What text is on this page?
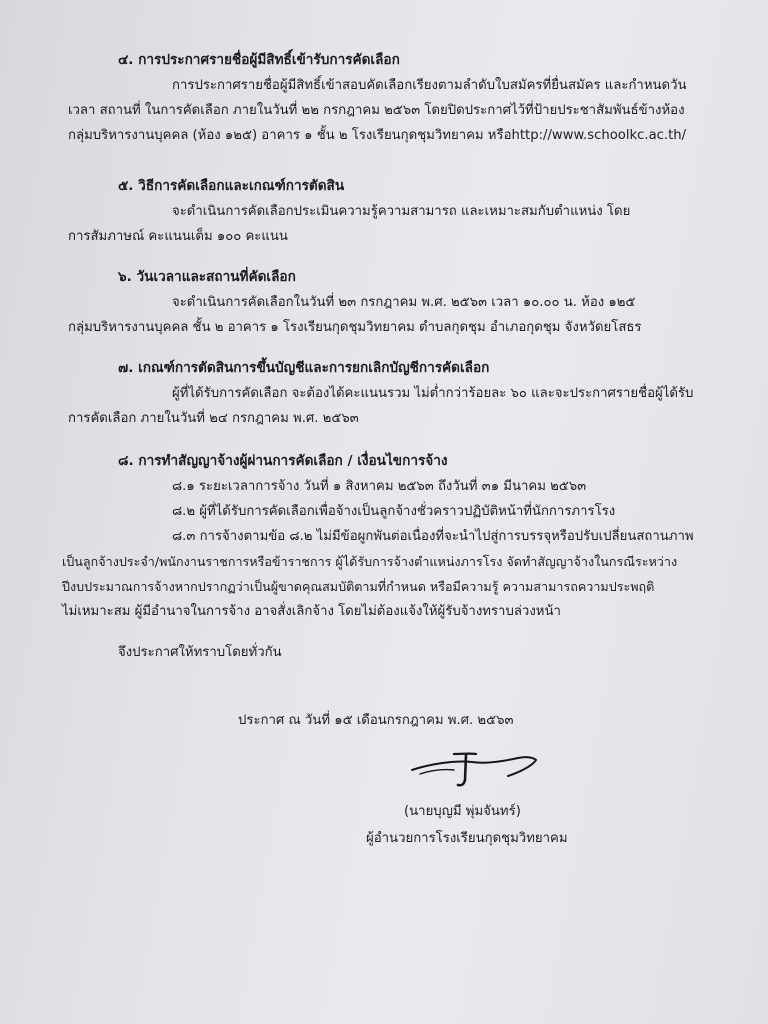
๔. การประกาศรายชื่อผู้มีสิทธิ์เข้ารับการคัดเลือก
การประกาศรายชื่อผู้มีสิทธิ์เข้าสอบคัดเลือกเรียงตามลำดับใบสมัครที่ยื่นสมัคร และกำหนดวัน
เวลา สถานที่ ในการคัดเลือก ภายในวันที่ ๒๒ กรกฎาคม ๒๕๖๓ โดยปิดประกาศไว้ที่ป้ายประชาสัมพันธ์ข้างห้อง
กลุ่มบริหารงานบุคคล (ห้อง ๑๒๕) อาคาร ๑ ชั้น ๒ โรงเรียนกุดชุมวิทยาคม หรือhttp://www.schoolkc.ac.th/
๕. วิธีการคัดเลือกและเกณฑ์การตัดสิน
จะดำเนินการคัดเลือกประเมินความรู้ความสามารถ และเหมาะสมกับตำแหน่ง โดย
การสัมภาษณ์ คะแนนเต็ม ๑๐๐ คะแนน
๖. วันเวลาและสถานที่คัดเลือก
จะดำเนินการคัดเลือกในวันที่ ๒๓ กรกฎาคม พ.ศ. ๒๕๖๓ เวลา ๑๐.๐๐ น. ห้อง ๑๒๕
กลุ่มบริหารงานบุคคล ชั้น ๒ อาคาร ๑ โรงเรียนกุดชุมวิทยาคม ตำบลกุดชุม อำเภอกุดชุม จังหวัดยโสธร
๗. เกณฑ์การตัดสินการขึ้นบัญชีและการยกเลิกบัญชีการคัดเลือก
ผู้ที่ได้รับการคัดเลือก จะต้องได้คะแนนรวม ไม่ต่ำกว่าร้อยละ ๖๐ และจะประกาศรายชื่อผู้ได้รับ
การคัดเลือก ภายในวันที่ ๒๔ กรกฎาคม พ.ศ. ๒๕๖๓
๘. การทำสัญญาจ้างผู้ผ่านการคัดเลือก / เงื่อนไขการจ้าง
๘.๑ ระยะเวลาการจ้าง วันที่ ๑ สิงหาคม ๒๕๖๓ ถึงวันที่ ๓๑ มีนาคม ๒๕๖๓
๘.๒ ผู้ที่ได้รับการคัดเลือกเพื่อจ้างเป็นลูกจ้างชั่วคราวปฏิบัติหน้าที่นักการภารโรง
๘.๓ การจ้างตามข้อ ๘.๒ ไม่มีข้อผูกพันต่อเนื่องที่จะนำไปสู่การบรรจุหรือปรับเปลี่ยนสถานภาพ
เป็นลูกจ้างประจำ/พนักงานราชการหรือข้าราชการ ผู้ได้รับการจ้างตำแหน่งภารโรง จัดทำสัญญาจ้างในกรณีระหว่าง
ปีงบประมาณการจ้างหากปรากฏว่าเป็นผู้ขาดคุณสมบัติตามที่กำหนด หรือมีความรู้ ความสามารถความประพฤติ
ไม่เหมาะสม ผู้มีอำนาจในการจ้าง อาจสั่งเลิกจ้าง โดยไม่ต้องแจ้งให้ผู้รับจ้างทราบล่วงหน้า
จึงประกาศให้ทราบโดยทั่วกัน
ประกาศ ณ วันที่ ๑๕ เดือนกรกฎาคม พ.ศ. ๒๕๖๓
(นายบุญมี พุ่มจันทร์)
ผู้อำนวยการโรงเรียนกุดชุมวิทยาคม
